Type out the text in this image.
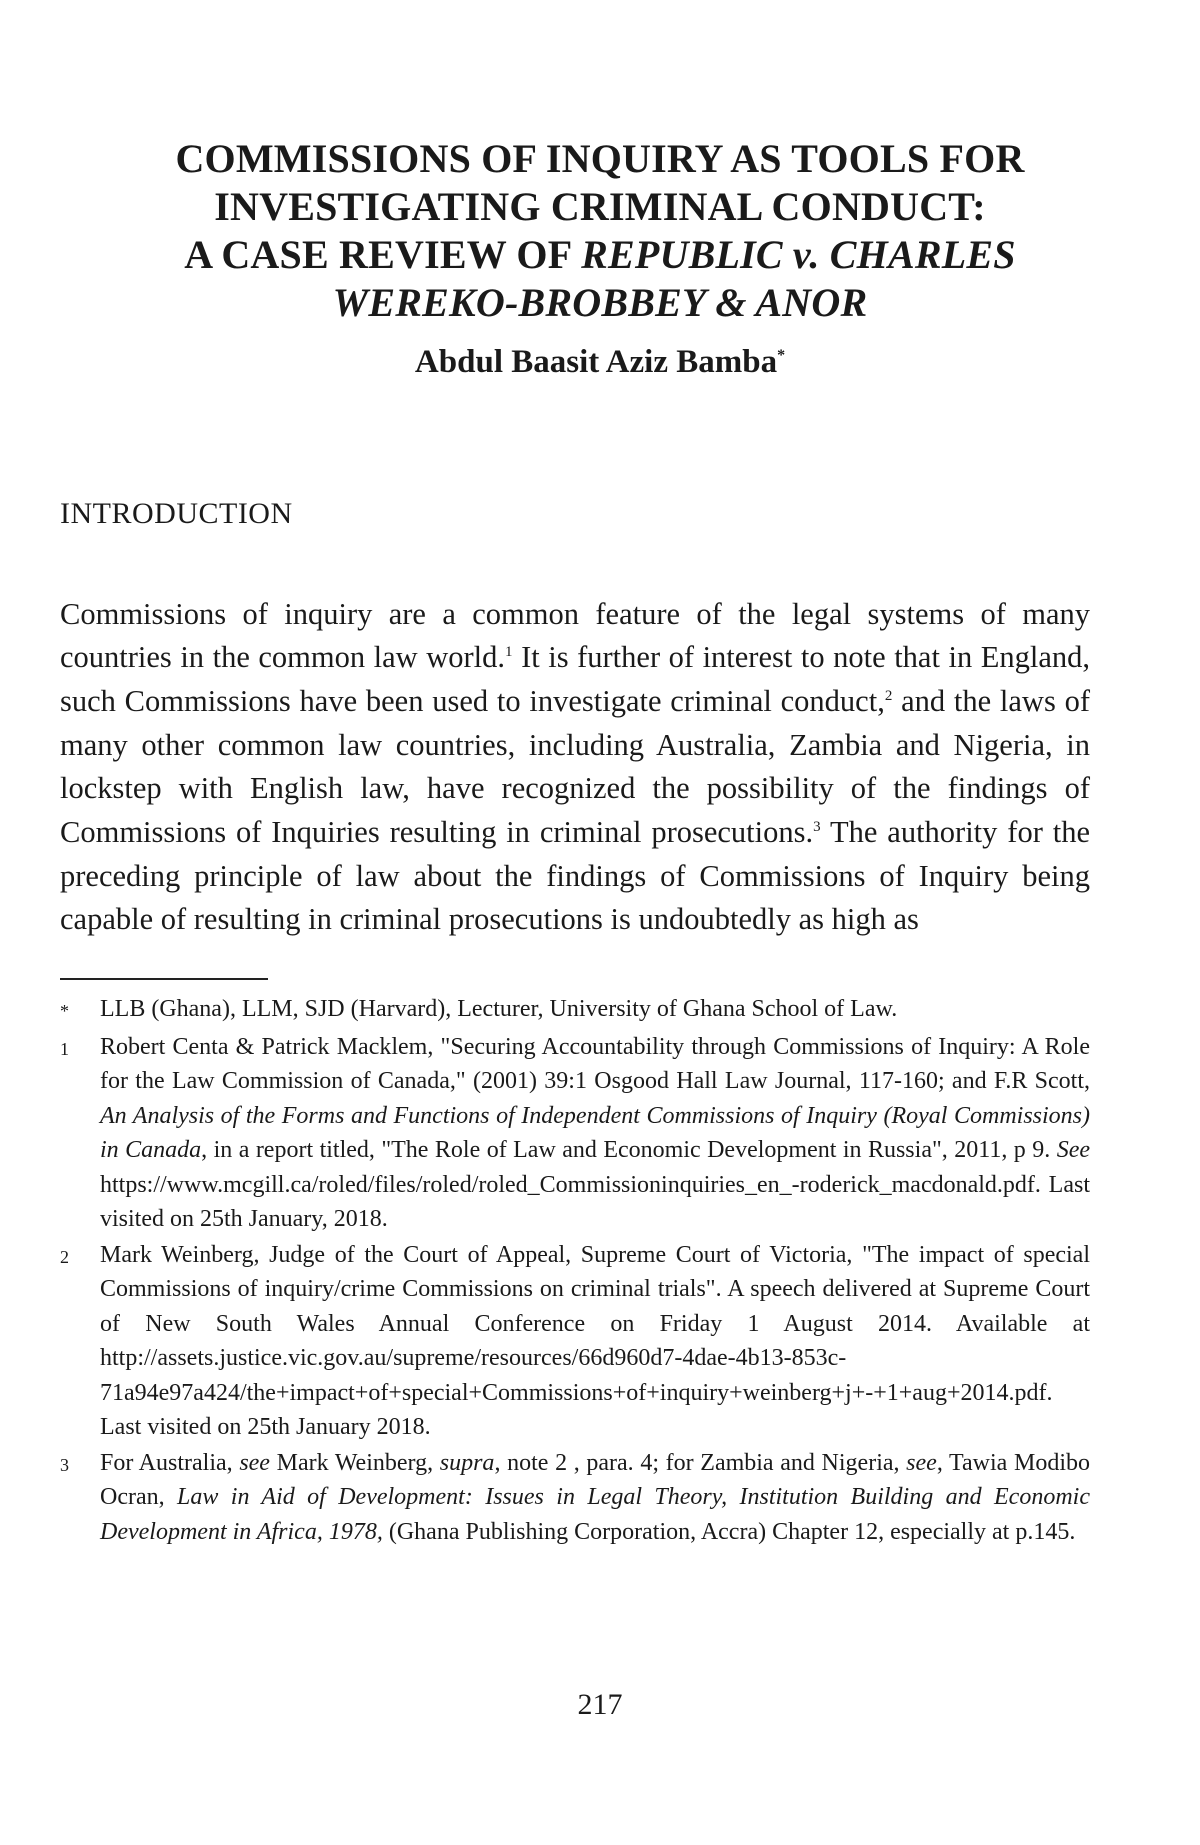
COMMISSIONS OF INQUIRY AS TOOLS FOR
INVESTIGATING CRIMINAL CONDUCT:
A CASE REVIEW OF REPUBLIC v. CHARLES
WEREKO-BROBBEY & ANOR
Abdul Baasit Aziz Bamba*
INTRODUCTION

Commissions of inquiry are a common feature of the legal systems of many countries in the common law world.$^1$ It is further of interest to note that in England, such Commissions have been used to investigate criminal conduct,$^2$ and the laws of many other common law countries, including Australia, Zambia and Nigeria, in lockstep with English law, have recognized the possibility of the findings of Commissions of Inquiries resulting in criminal prosecutions.$^3$ The authority for the preceding principle of law about the findings of Commissions of Inquiry being capable of resulting in criminal prosecutions is undoubtedly as high as

*	LLB (Ghana), LLM, SJD (Harvard), Lecturer, University of Ghana School of Law.
1	Robert Centa & Patrick Macklem, "Securing Accountability through Commissions of Inquiry: A Role for the Law Commission of Canada," (2001) 39:1 Osgood Hall Law Journal, 117-160; and F.R Scott, An Analysis of the Forms and Functions of Independent Commissions of Inquiry (Royal Commissions) in Canada, in a report titled, "The Role of Law and Economic Development in Russia", 2011, p 9. See https://www.mcgill.ca/roled/files/roled/roled_Commissioninquiries_en_-roderick_macdonald.pdf. Last visited on 25th January, 2018.
2	Mark Weinberg, Judge of the Court of Appeal, Supreme Court of Victoria, "The impact of special Commissions of inquiry/crime Commissions on criminal trials". A speech delivered at Supreme Court of New South Wales Annual Conference on Friday 1 August 2014. Available at http://assets.justice.vic.gov.au/supreme/resources/66d960d7-4dae-4b13-853c-71a94e97a424/the+impact+of+special+Commissions+of+inquiry+weinberg+j+-+1+aug+2014.pdf. Last visited on 25th January 2018.
3	For Australia, see Mark Weinberg, supra, note 2 , para. 4; for Zambia and Nigeria, see, Tawia Modibo Ocran, Law in Aid of Development: Issues in Legal Theory, Institution Building and Economic Development in Africa, 1978, (Ghana Publishing Corporation, Accra) Chapter 12, especially at p.145.
217
